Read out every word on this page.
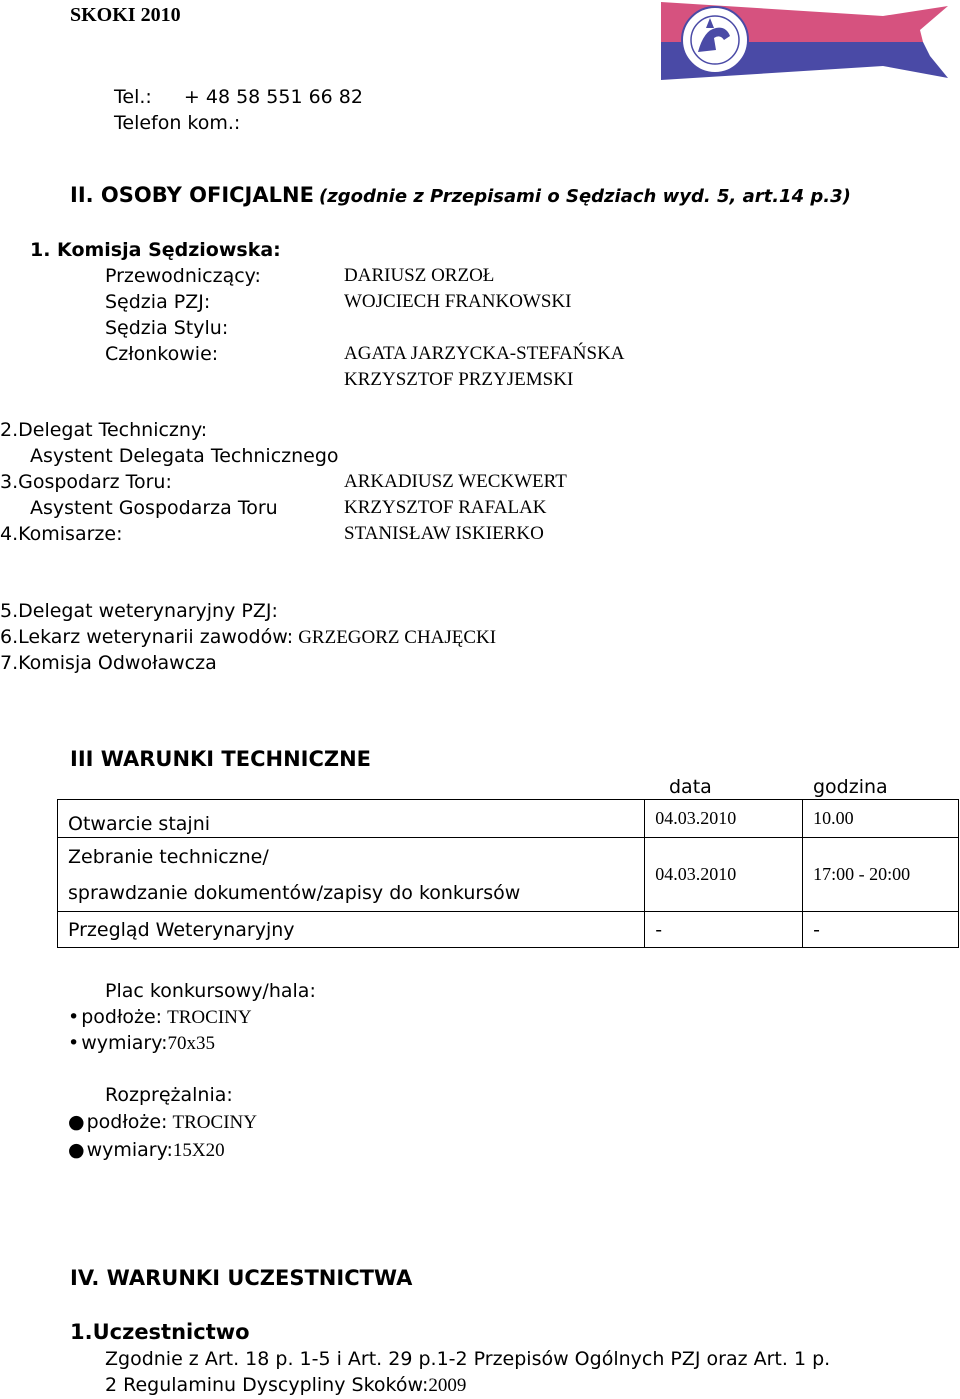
SKOKI 2010
Tel.: + 48 58 551 66 82
Telefon kom.:
II. OSOBY OFICJALNE (zgodnie z Przepisami o Sędziach wyd. 5, art.14 p.3)
1. Komisja Sędziowska:
Przewodniczący:	DARIUSZ ORZOŁ
Sędzia PZJ:	WOJCIECH FRANKOWSKI
Sędzia Stylu:
Członkowie:	AGATA JARZYCKA-STEFAŃSKA
KRZYSZTOF PRZYJEMSKI
2.Delegat Techniczny:
Asystent Delegata Technicznego
3.Gospodarz Toru:	ARKADIUSZ WECKWERT
Asystent Gospodarza Toru	KRZYSZTOF RAFALAK
4.Komisarze:	STANISŁAW ISKIERKO
5.Delegat weterynaryjny PZJ:
6.Lekarz weterynarii zawodów: GRZEGORZ CHAJĘCKI
7.Komisja Odwoławcza
III WARUNKI TECHNICZNE
data	godzina
Otwarcie stajni	04.03.2010	10.00

Zebranie techniczne/
sprawdzanie dokumentów/zapisy do konkursów	04.03.2010	17:00 - 20:00
Przegląd Weterynaryjny	-	-
Plac konkursowy/hala:
• podłoże: TROCINY
• wymiary:70x35
Rozprężalnia:
● podłoże: TROCINY
● wymiary:15X20
IV. WARUNKI UCZESTNICTWA
1.Uczestnictwo
Zgodnie z Art. 18 p. 1-5 i Art. 29 p.1-2 Przepisów Ogólnych PZJ oraz Art. 1 p.
2 Regulaminu Dyscypliny Skoków:2009
